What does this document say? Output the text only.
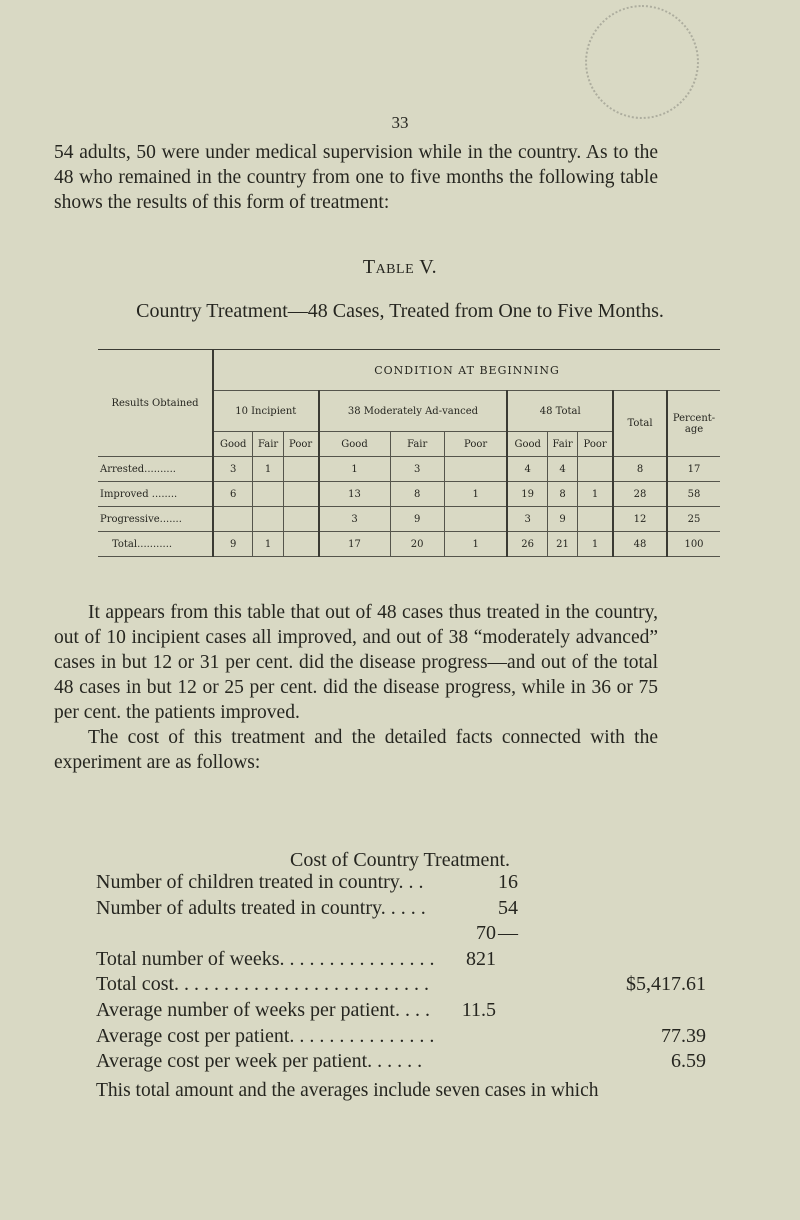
33

54 adults, 50 were under medical supervision while in the country. As to the 48 who remained in the country from one to five months the following table shows the results of this form of treatment:

Table V.
Country Treatment—48 Cases, Treated from One to Five Months.
Results Obtained	CONDITION AT BEGINNING										
	10 Incipient			38 Moderately Ad-vanced			48 Total			Total	Percent-age
	Good	Fair	Poor	Good	Fair	Poor	Good	Fair	Poor		
Arrested..........	3	1		1	3		4	4		8	17
Improved ........	6			13	8	1	19	8	1	28	58
Progressive.......				3	9		3	9		12	25
Total...........	9	1		17	20	1	26	21	1	48	100

It appears from this table that out of 48 cases thus treated in the country, out of 10 incipient cases all improved, and out of 38 “moderately advanced” cases in but 12 or 31 per cent. did the disease progress—and out of the total 48 cases in but 12 or 25 per cent. did the disease progress, while in 36 or 75 per cent. the patients improved.

The cost of this treatment and the detailed facts connected with the experiment are as follows:

Cost of Country Treatment.
Number of children treated in country. . .	16
Number of adults treated in country. . . . .	54
—
70
Total number of weeks. . . . . . . . . . . . . . . . 821
Total cost. . . . . . . . . . . . . . . . . . . . . . . . . .	$5,417.61
Average number of weeks per patient. . . . 11.5
Average cost per patient. . . . . . . . . . . . . . .	77.39
Average cost per week per patient. . . . . .	6.59
This total amount and the averages include seven cases in which
